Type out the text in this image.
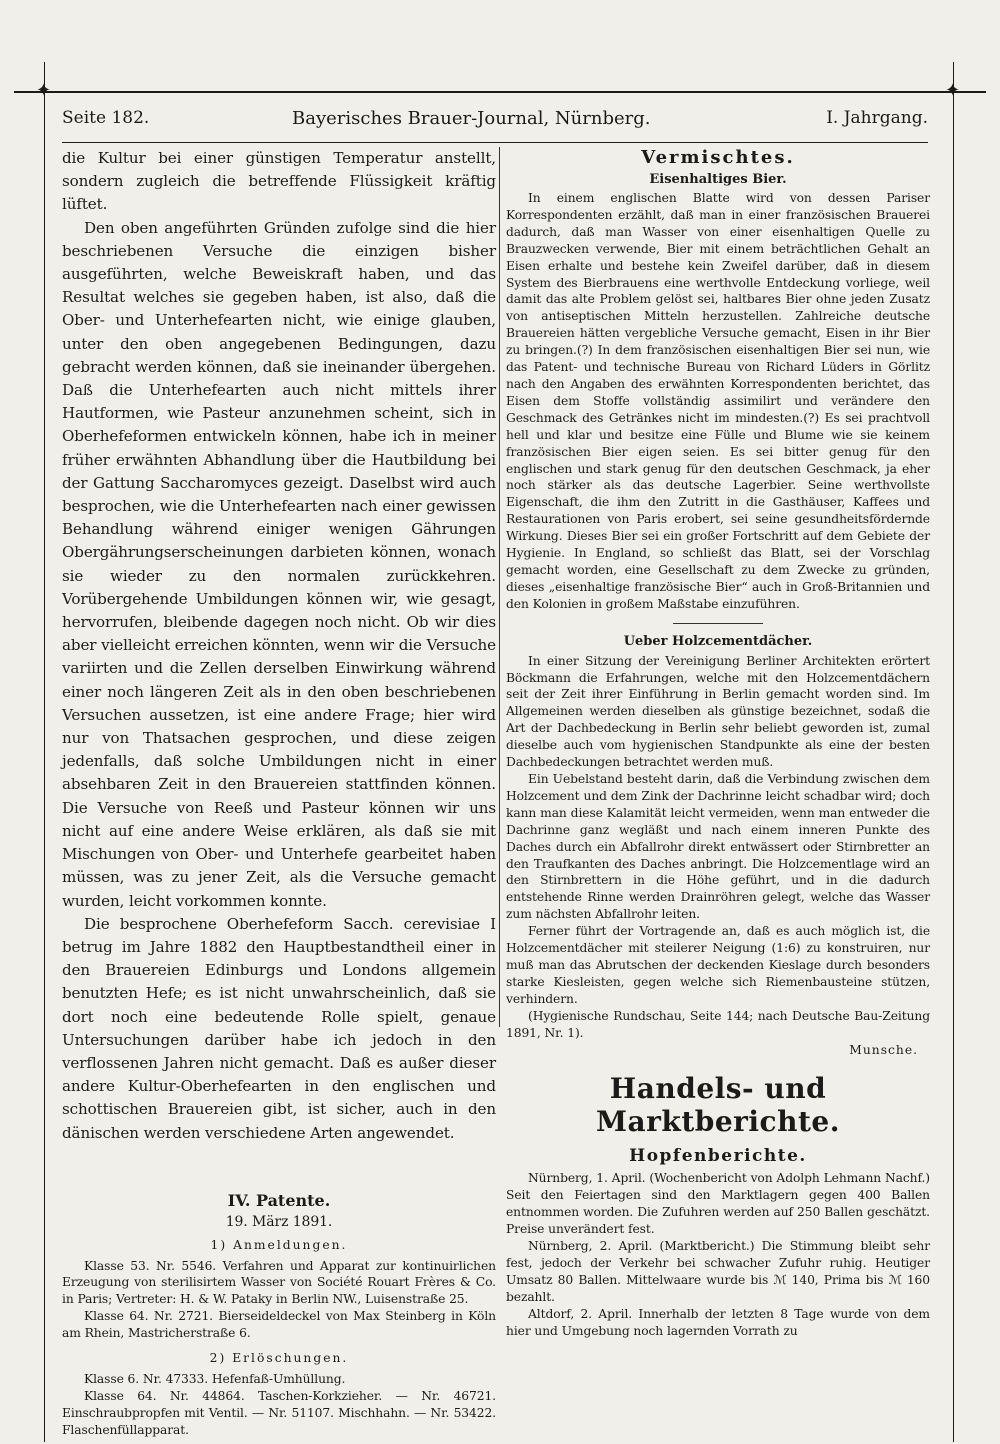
✦	✦
Seite 182.	Bayerisches Brauer-Journal, Nürnberg.	I. Jahrgang.

die Kultur bei einer günstigen Temperatur anstellt, sondern zugleich die betreffende Flüssigkeit kräftig lüftet.

Den oben angeführten Gründen zufolge sind die hier beschriebenen Versuche die einzigen bisher ausgeführten, welche Beweiskraft haben, und das Resultat welches sie gegeben haben, ist also, daß die Ober- und Unterhefearten nicht, wie einige glauben, unter den oben angegebenen Bedingungen, dazu gebracht werden können, daß sie ineinander übergehen. Daß die Unterhefearten auch nicht mittels ihrer Hautformen, wie Pasteur anzunehmen scheint, sich in Oberhefeformen entwickeln können, habe ich in meiner früher erwähnten Abhandlung über die Hautbildung bei der Gattung Saccharomyces gezeigt. Daselbst wird auch besprochen, wie die Unterhefearten nach einer gewissen Behandlung während einiger wenigen Gährungen Obergährungserscheinungen darbieten können, wonach sie wieder zu den normalen zurückkehren. Vorübergehende Umbildungen können wir, wie gesagt, hervorrufen, bleibende dagegen noch nicht. Ob wir dies aber vielleicht erreichen könnten, wenn wir die Versuche variirten und die Zellen derselben Einwirkung während einer noch längeren Zeit als in den oben beschriebenen Versuchen aussetzen, ist eine andere Frage; hier wird nur von Thatsachen gesprochen, und diese zeigen jedenfalls, daß solche Umbildungen nicht in einer absehbaren Zeit in den Brauereien stattfinden können. Die Versuche von Reeß und Pasteur können wir uns nicht auf eine andere Weise erklären, als daß sie mit Mischungen von Ober- und Unterhefe gearbeitet haben müssen, was zu jener Zeit, als die Versuche gemacht wurden, leicht vorkommen konnte.

Die besprochene Oberhefeform Sacch. cerevisiae I betrug im Jahre 1882 den Hauptbestandtheil einer in den Brauereien Edinburgs und Londons allgemein benutzten Hefe; es ist nicht unwahrscheinlich, daß sie dort noch eine bedeutende Rolle spielt, genaue Untersuchungen darüber habe ich jedoch in den verflossenen Jahren nicht gemacht. Daß es außer dieser andere Kultur-Oberhefearten in den englischen und schottischen Brauereien gibt, ist sicher, auch in den dänischen werden verschiedene Arten angewendet.

IV. Patente.

19. März 1891.

1) Anmeldungen.

Klasse 53. Nr. 5546. Verfahren und Apparat zur kontinuirlichen Erzeugung von sterilisirtem Wasser von Société Rouart Frères & Co. in Paris; Vertreter: H. & W. Pataky in Berlin NW., Luisenstraße 25.

Klasse 64. Nr. 2721. Bierseideldeckel von Max Steinberg in Köln am Rhein, Mastricherstraße 6.

2) Erlöschungen.

Klasse 6. Nr. 47333. Hefenfaß-Umhüllung.

Klasse 64. Nr. 44864. Taschen-Korkzieher. — Nr. 46721. Einschraubpropfen mit Ventil. — Nr. 51107. Mischhahn. — Nr. 53422. Flaschenfüllapparat.

Vermischtes.

Eisenhaltiges Bier.

In einem englischen Blatte wird von dessen Pariser Korrespondenten erzählt, daß man in einer französischen Brauerei dadurch, daß man Wasser von einer eisenhaltigen Quelle zu Brauzwecken verwende, Bier mit einem beträchtlichen Gehalt an Eisen erhalte und bestehe kein Zweifel darüber, daß in diesem System des Bierbrauens eine werthvolle Entdeckung vorliege, weil damit das alte Problem gelöst sei, haltbares Bier ohne jeden Zusatz von antiseptischen Mitteln herzustellen. Zahlreiche deutsche Brauereien hätten vergebliche Versuche gemacht, Eisen in ihr Bier zu bringen.(?) In dem französischen eisenhaltigen Bier sei nun, wie das Patent- und technische Bureau von Richard Lüders in Görlitz nach den Angaben des erwähnten Korrespondenten berichtet, das Eisen dem Stoffe vollständig assimilirt und verändere den Geschmack des Getränkes nicht im mindesten.(?) Es sei prachtvoll hell und klar und besitze eine Fülle und Blume wie sie keinem französischen Bier eigen seien. Es sei bitter genug für den englischen und stark genug für den deutschen Geschmack, ja eher noch stärker als das deutsche Lagerbier. Seine werthvollste Eigenschaft, die ihm den Zutritt in die Gasthäuser, Kaffees und Restaurationen von Paris erobert, sei seine gesundheitsfördernde Wirkung. Dieses Bier sei ein großer Fortschritt auf dem Gebiete der Hygienie. In England, so schließt das Blatt, sei der Vorschlag gemacht worden, eine Gesellschaft zu dem Zwecke zu gründen, dieses „eisenhaltige französische Bier“ auch in Groß-Britannien und den Kolonien in großem Maßstabe einzuführen.

Ueber Holzcementdächer.

In einer Sitzung der Vereinigung Berliner Architekten erörtert Böckmann die Erfahrungen, welche mit den Holzcementdächern seit der Zeit ihrer Einführung in Berlin gemacht worden sind. Im Allgemeinen werden dieselben als günstige bezeichnet, sodaß die Art der Dachbedeckung in Berlin sehr beliebt geworden ist, zumal dieselbe auch vom hygienischen Standpunkte als eine der besten Dachbedeckungen betrachtet werden muß.

Ein Uebelstand besteht darin, daß die Verbindung zwischen dem Holzcement und dem Zink der Dachrinne leicht schadbar wird; doch kann man diese Kalamität leicht vermeiden, wenn man entweder die Dachrinne ganz wegläßt und nach einem inneren Punkte des Daches durch ein Abfallrohr direkt entwässert oder Stirnbretter an den Traufkanten des Daches anbringt. Die Holzcementlage wird an den Stirnbrettern in die Höhe geführt, und in die dadurch entstehende Rinne werden Drainröhren gelegt, welche das Wasser zum nächsten Abfallrohr leiten.

Ferner führt der Vortragende an, daß es auch möglich ist, die Holzcementdächer mit steilerer Neigung (1:6) zu konstruiren, nur muß man das Abrutschen der deckenden Kieslage durch besonders starke Kiesleisten, gegen welche sich Riemenbausteine stützen, verhindern.

(Hygienische Rundschau, Seite 144; nach Deutsche Bau-Zeitung 1891, Nr. 1).

Munsche.

Handels- und Marktberichte.

Hopfenberichte.

Nürnberg, 1. April. (Wochenbericht von Adolph Lehmann Nachf.) Seit den Feiertagen sind den Marktlagern gegen 400 Ballen entnommen worden. Die Zufuhren werden auf 250 Ballen geschätzt. Preise unverändert fest.

Nürnberg, 2. April. (Marktbericht.) Die Stimmung bleibt sehr fest, jedoch der Verkehr bei schwacher Zufuhr ruhig. Heutiger Umsatz 80 Ballen. Mittelwaare wurde bis ℳ 140, Prima bis ℳ 160 bezahlt.

Altdorf, 2. April. Innerhalb der letzten 8 Tage wurde von dem hier und Umgebung noch lagernden Vorrath zu
